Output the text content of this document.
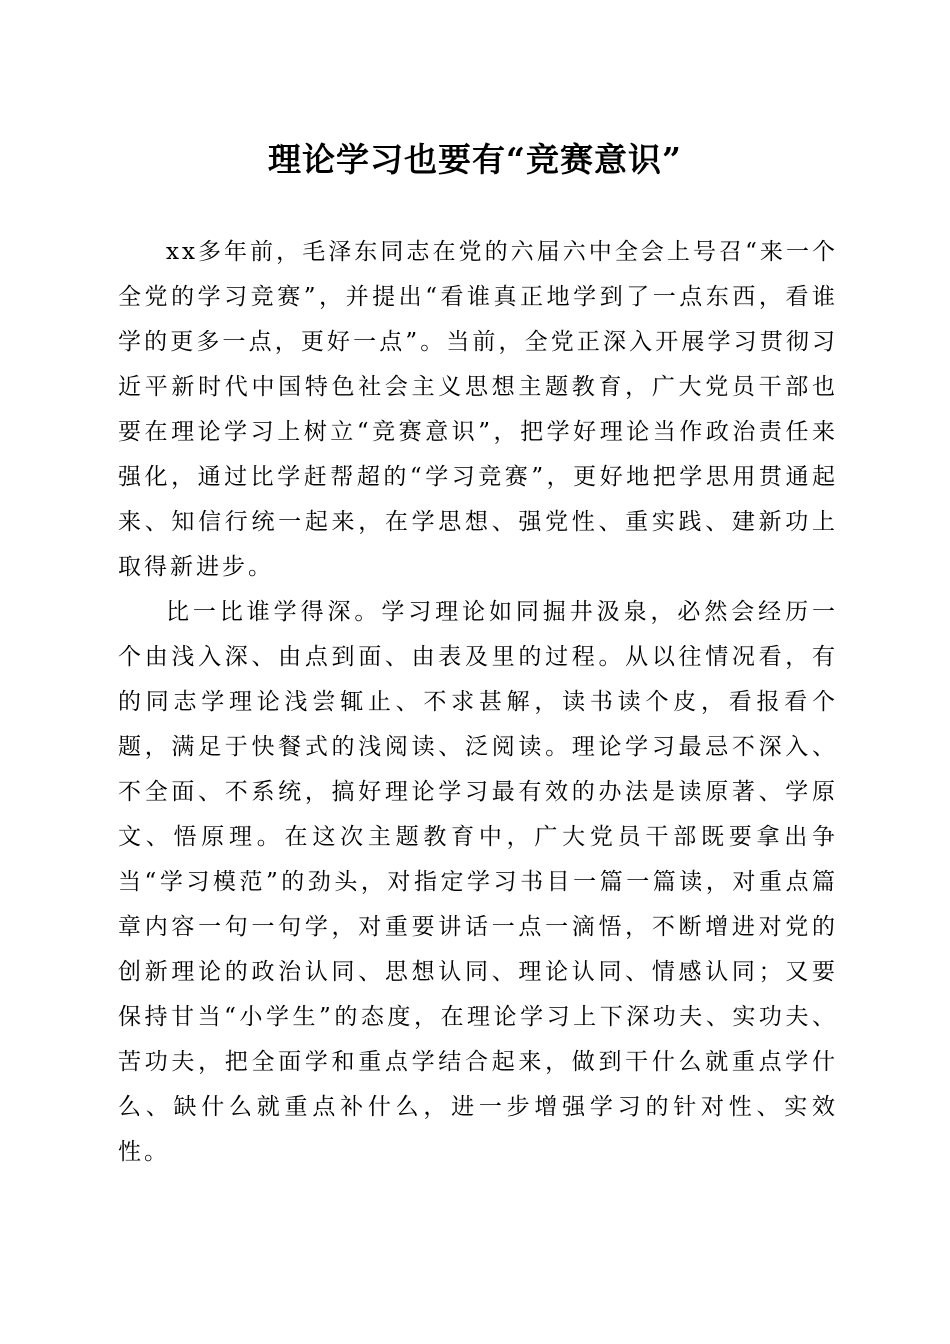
理论学习也要有“竞赛意识”

xx多年前，毛泽东同志在党的六届六中全会上号召“来一个全党的学习竞赛”，并提出“看谁真正地学到了一点东西，看谁学的更多一点，更好一点”。当前，全党正深入开展学习贯彻习近平新时代中国特色社会主义思想主题教育，广大党员干部也要在理论学习上树立“竞赛意识”，把学好理论当作政治责任来强化，通过比学赶帮超的“学习竞赛”，更好地把学思用贯通起来、知信行统一起来，在学思想、强党性、重实践、建新功上取得新进步。

比一比谁学得深。学习理论如同掘井汲泉，必然会经历一个由浅入深、由点到面、由表及里的过程。从以往情况看，有的同志学理论浅尝辄止、不求甚解，读书读个皮，看报看个题，满足于快餐式的浅阅读、泛阅读。理论学习最忌不深入、不全面、不系统，搞好理论学习最有效的办法是读原著、学原文、悟原理。在这次主题教育中，广大党员干部既要拿出争当“学习模范”的劲头，对指定学习书目一篇一篇读，对重点篇章内容一句一句学，对重要讲话一点一滴悟，不断增进对党的创新理论的政治认同、思想认同、理论认同、情感认同；又要保持甘当“小学生”的态度，在理论学习上下深功夫、实功夫、苦功夫，把全面学和重点学结合起来，做到干什么就重点学什么、缺什么就重点补什么，进一步增强学习的针对性、实效性。
